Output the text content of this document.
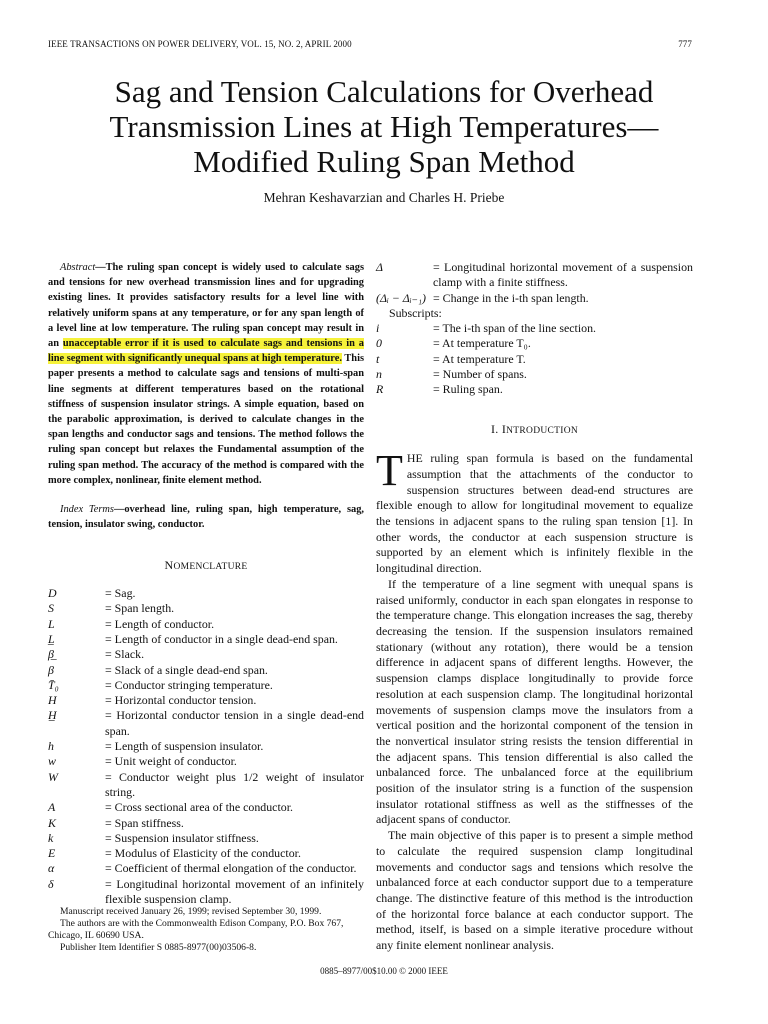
IEEE TRANSACTIONS ON POWER DELIVERY, VOL. 15, NO. 2, APRIL 2000	777
Sag and Tension Calculations for Overhead
Transmission Lines at High Temperatures—
Modified Ruling Span Method
Mehran Keshavarzian and Charles H. Priebe

Abstract—The ruling span concept is widely used to calculate sags and tensions for new overhead transmission lines and for upgrading existing lines. It provides satisfactory results for a level line with relatively uniform spans at any temperature, or for any span length of a level line at low temperature. The ruling span concept may result in an unacceptable error if it is used to calculate sags and tensions in a line segment with significantly unequal spans at high temperature. This paper presents a method to calculate sags and tensions of multi-span line segments at different temperatures based on the rotational stiffness of suspension insulator strings. A simple equation, based on the parabolic approximation, is derived to calculate changes in the span lengths and conductor sags and tensions. The method follows the ruling span concept but relaxes the Fundamental assumption of the ruling span method. The accuracy of the method is compared with the more complex, nonlinear, finite element method.

Index Terms—overhead line, ruling span, high temperature, sag, tension, insulator swing, conductor.

NOMENCLATURE
D	= Sag.
S	= Span length.
L	= Length of conductor.
L̲	= Length of conductor in a single dead-end span.
β̲	= Slack.
β	= Slack of a single dead-end span.
T̄₀	= Conductor stringing temperature.
H	= Horizontal conductor tension.
H̲	= Horizontal conductor tension in a single dead-end span.
h	= Length of suspension insulator.
w	= Unit weight of conductor.
W	= Conductor weight plus 1/2 weight of insulator string.
A	= Cross sectional area of the conductor.
K	= Span stiffness.
k	= Suspension insulator stiffness.
E	= Modulus of Elasticity of the conductor.
α	= Coefficient of thermal elongation of the conductor.
δ	= Longitudinal horizontal movement of an infinitely flexible suspension clamp.
Δ	= Longitudinal horizontal movement of a suspension clamp with a finite stiffness.
(Δᵢ − Δᵢ₋₁) = Change in the i-th span length.
Subscripts:
i	= The i-th span of the line section.
0	= At temperature T₀.
t	= At temperature T.
n	= Number of spans.
R	= Ruling span.
I. INTRODUCTION

THE ruling span formula is based on the fundamental assumption that the attachments of the conductor to suspension structures between dead-end structures are flexible enough to allow for longitudinal movement to equalize the tensions in adjacent spans to the ruling span tension [1]. In other words, the conductor at each suspension structure is supported by an element which is infinitely flexible in the longitudinal direction.

If the temperature of a line segment with unequal spans is raised uniformly, conductor in each span elongates in response to the temperature change. This elongation increases the sag, thereby decreasing the tension. If the suspension insulators remained stationary (without any rotation), there would be a tension difference in adjacent spans of different lengths. However, the suspension clamps displace longitudinally to provide force resolution at each suspension clamp. The longitudinal horizontal movements of suspension clamps move the insulators from a vertical position and the horizontal component of the tension in the nonvertical insulator string resists the tension differential in the adjacent spans. This tension differential is also called the unbalanced force. The unbalanced force at the equilibrium position of the insulator string is a function of the suspension insulator rotational stiffness as well as the stiffnesses of the adjacent spans of conductor.

The main objective of this paper is to present a simple method to calculate the required suspension clamp longitudinal movements and conductor sags and tensions which resolve the unbalanced force at each conductor support due to a temperature change. The distinctive feature of this method is the introduction of the horizontal force balance at each conductor support. The method, itself, is based on a simple iterative procedure without any finite element nonlinear analysis.

Manuscript received January 26, 1999; revised September 30, 1999.

The authors are with the Commonwealth Edison Company, P.O. Box 767, Chicago, IL 60690 USA.

Publisher Item Identifier S 0885-8977(00)03506-8.

0885–8977/00$10.00 © 2000 IEEE
